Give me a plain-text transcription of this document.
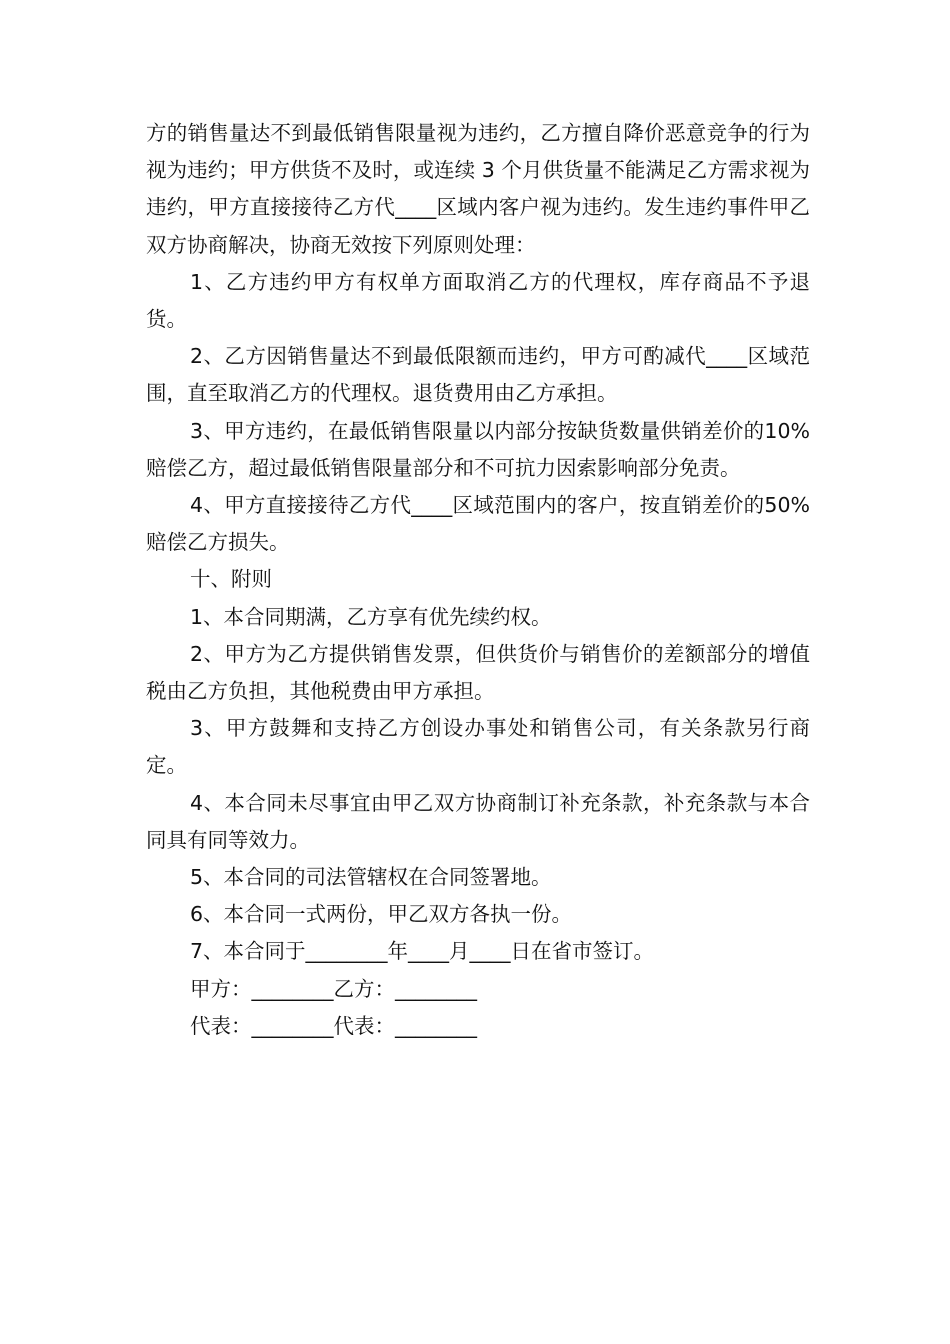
方的销售量达不到最低销售限量视为违约，乙方擅自降价恶意竞争的行为视为违约；甲方供货不及时，或连续 3 个月供货量不能满足乙方需求视为违约，甲方直接接待乙方代____区域内客户视为违约。发生违约事件甲乙双方协商解决，协商无效按下列原则处理：

1、乙方违约甲方有权单方面取消乙方的代理权，库存商品不予退货。

2、乙方因销售量达不到最低限额而违约，甲方可酌减代____区域范围，直至取消乙方的代理权。退货费用由乙方承担。

3、甲方违约，在最低销售限量以内部分按缺货数量供销差价的10%赔偿乙方，超过最低销售限量部分和不可抗力因索影响部分免责。

4、甲方直接接待乙方代____区域范围内的客户，按直销差价的50%赔偿乙方损失。

十、附则

1、本合同期满，乙方享有优先续约权。

2、甲方为乙方提供销售发票，但供货价与销售价的差额部分的增值税由乙方负担，其他税费由甲方承担。

3、甲方鼓舞和支持乙方创设办事处和销售公司，有关条款另行商定。

4、本合同未尽事宜由甲乙双方协商制订补充条款，补充条款与本合同具有同等效力。

5、本合同的司法管辖权在合同签署地。

6、本合同一式两份，甲乙双方各执一份。

7、本合同于________年____月____日在省市签订。

甲方：________乙方：________

代表：________代表：________
